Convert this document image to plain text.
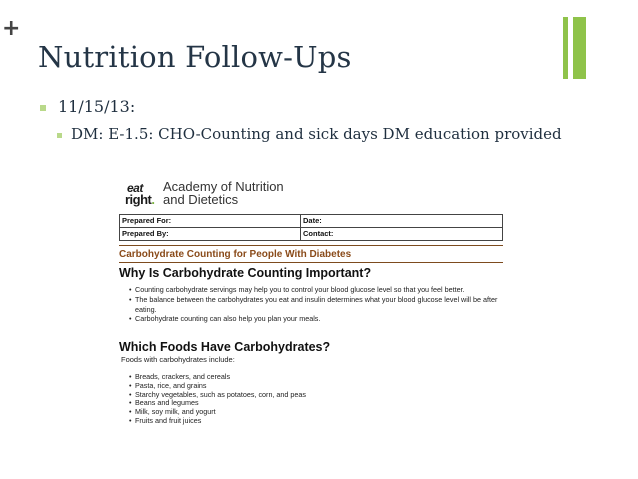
+
Nutrition Follow-Ups
11/15/13:
DM: E-1.5: CHO-Counting and sick days DM education provided
eat
right.
Academy of Nutrition
and Dietetics
Prepared For:	Date:
Prepared By:	Contact:
Carbohydrate Counting for People With Diabetes
Why Is Carbohydrate Counting Important?
• Counting carbohydrate servings may help you to control your blood glucose level so that you feel better.
• The balance between the carbohydrates you eat and insulin determines what your blood glucose level will be after eating.
• Carbohydrate counting can also help you plan your meals.
Which Foods Have Carbohydrates?
Foods with carbohydrates include:
• Breads, crackers, and cereals
• Pasta, rice, and grains
• Starchy vegetables, such as potatoes, corn, and peas
• Beans and legumes
• Milk, soy milk, and yogurt
• Fruits and fruit juices
